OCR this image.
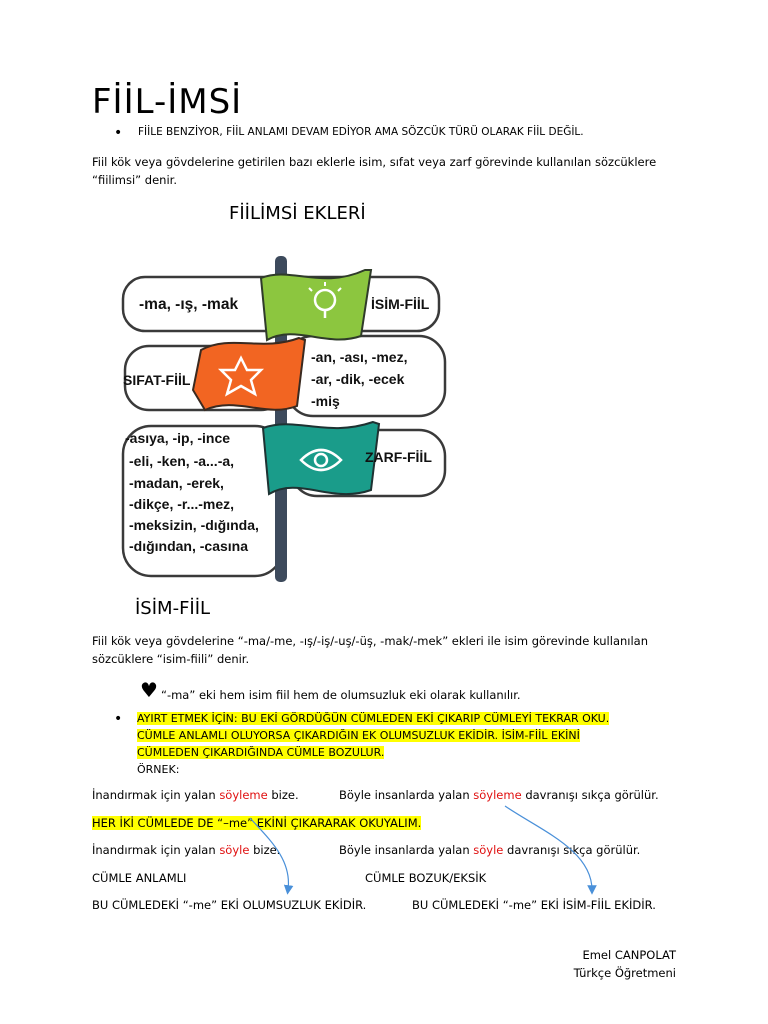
FİİL-İMSİ
• FİİLE BENZİYOR, FİİL ANLAMI DEVAM EDİYOR AMA SÖZCÜK TÜRÜ OLARAK FİİL DEĞİL.
Fiil kök veya gövdelerine getirilen bazı eklerle isim, sıfat veya zarf görevinde kullanılan sözcüklere
“fiilimsi” denir.
FİİLİMSİ EKLERİ
-ma, -ış, -mak	İSİM-FİİL
SIFAT-FİİL
-an, -ası, -mez,
-ar, -dik, -ecek
-miş
-asıya, -ip, -ince
-eli, -ken, -a...-a,
-madan, -erek,
-dikçe, -r...-mez,
-meksizin, -dığında,
-dığından, -casına
ZARF-FİİL
İSİM-FİİL
Fiil kök veya gövdelerine “-ma/-me, -ış/-iş/-uş/-üş, -mak/-mek” ekleri ile isim görevinde kullanılan
sözcüklere “isim-fiili” denir.
♥ “-ma” eki hem isim fiil hem de olumsuzluk eki olarak kullanılır.
• AYIRT ETMEK İÇİN: BU EKİ GÖRDÜĞÜN CÜMLEDEN EKİ ÇIKARIP CÜMLEYİ TEKRAR OKU.
CÜMLE ANLAMLI OLUYORSA ÇIKARDIĞIN EK OLUMSUZLUK EKİDİR. İSİM-FİİL EKİNİ
CÜMLEDEN ÇIKARDIĞINDA CÜMLE BOZULUR.
ÖRNEK:
İnandırmak için yalan söyleme bize.	Böyle insanlarda yalan söyleme davranışı sıkça görülür.
HER İKİ CÜMLEDE DE “–me” EKİNİ ÇIKARARAK OKUYALIM.
İnandırmak için yalan söyle bize.	Böyle insanlarda yalan söyle davranışı sıkça görülür.
CÜMLE ANLAMLI	CÜMLE BOZUK/EKSİK
BU CÜMLEDEKİ “-me” EKİ OLUMSUZLUK EKİDİR.	BU CÜMLEDEKİ “-me” EKİ İSİM-FİİL EKİDİR.
Emel CANPOLAT
Türkçe Öğretmeni
